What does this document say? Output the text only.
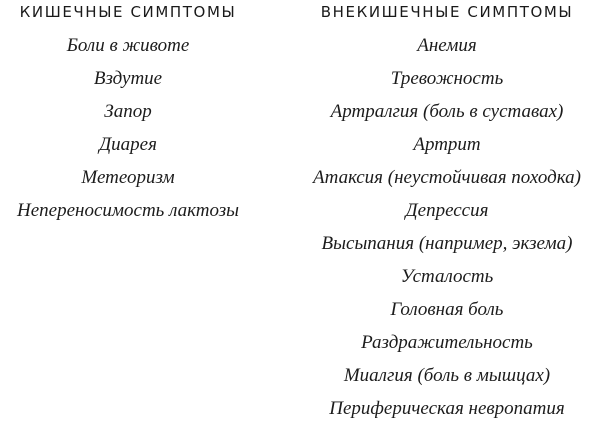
КИШЕЧНЫЕ СИМПТОМЫ
Боли в животе
Вздутие
Запор
Диарея
Метеоризм
Непереносимость лактозы
ВНЕКИШЕЧНЫЕ СИМПТОМЫ
Анемия
Тревожность
Артралгия (боль в суставах)
Артрит
Атаксия (неустойчивая походка)
Депрессия
Высыпания (например, экзема)
Усталость
Головная боль
Раздражительность
Миалгия (боль в мышцах)
Периферическая невропатия
